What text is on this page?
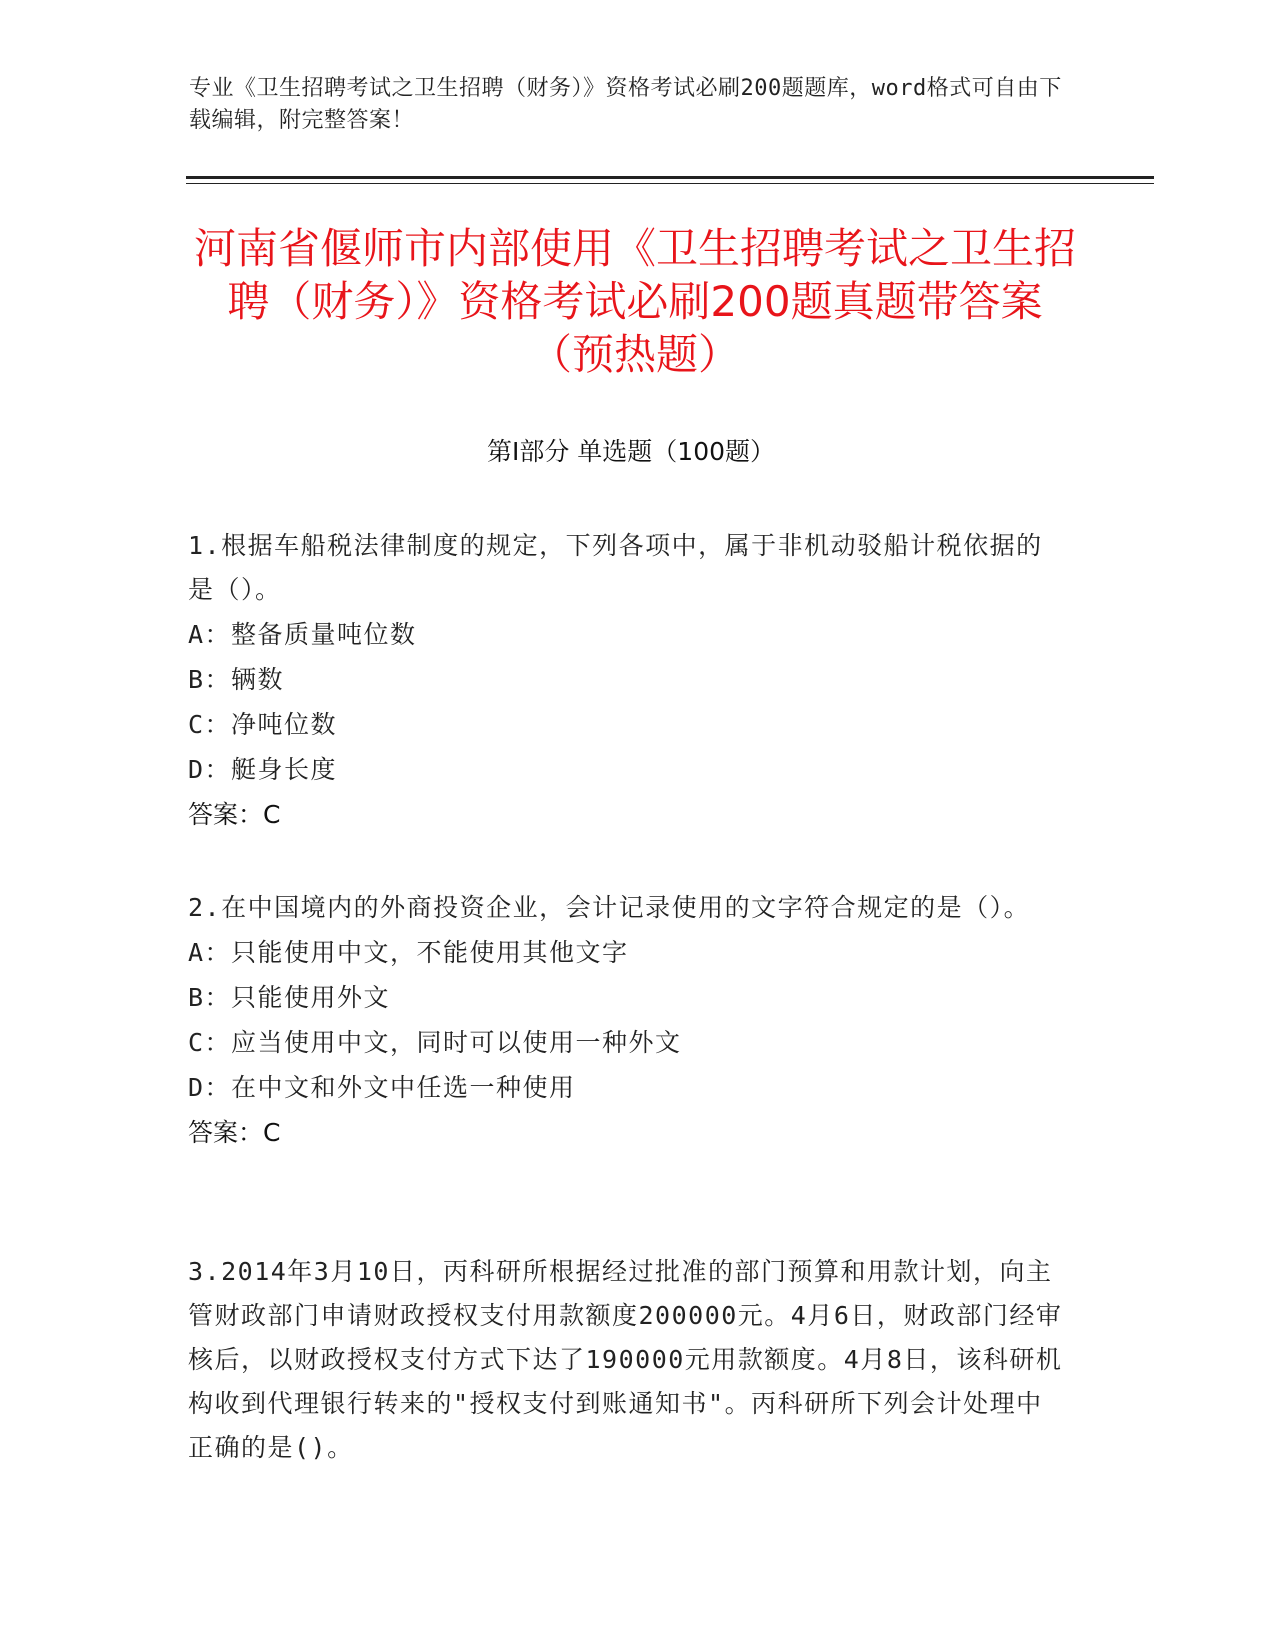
专业《卫生招聘考试之卫生招聘（财务）》资格考试必刷200题题库，word格式可自由下载编辑，附完整答案！
河南省偃师市内部使用《卫生招聘考试之卫生招聘（财务）》资格考试必刷200题真题带答案（预热题）
第Ⅰ部分 单选题（100题）

1.根据车船税法律制度的规定，下列各项中，属于非机动驳船计税依据的是（）。

A：整备质量吨位数

B：辆数

C：净吨位数

D：艇身长度

答案：C

2.在中国境内的外商投资企业，会计记录使用的文字符合规定的是（）。

A：只能使用中文，不能使用其他文字

B：只能使用外文

C：应当使用中文，同时可以使用一种外文

D：在中文和外文中任选一种使用

答案：C

3.2014年3月10日，丙科研所根据经过批准的部门预算和用款计划，向主管财政部门申请财政授权支付用款额度200000元。4月6日，财政部门经审核后，以财政授权支付方式下达了190000元用款额度。4月8日，该科研机构收到代理银行转来的"授权支付到账通知书"。丙科研所下列会计处理中正确的是()。
